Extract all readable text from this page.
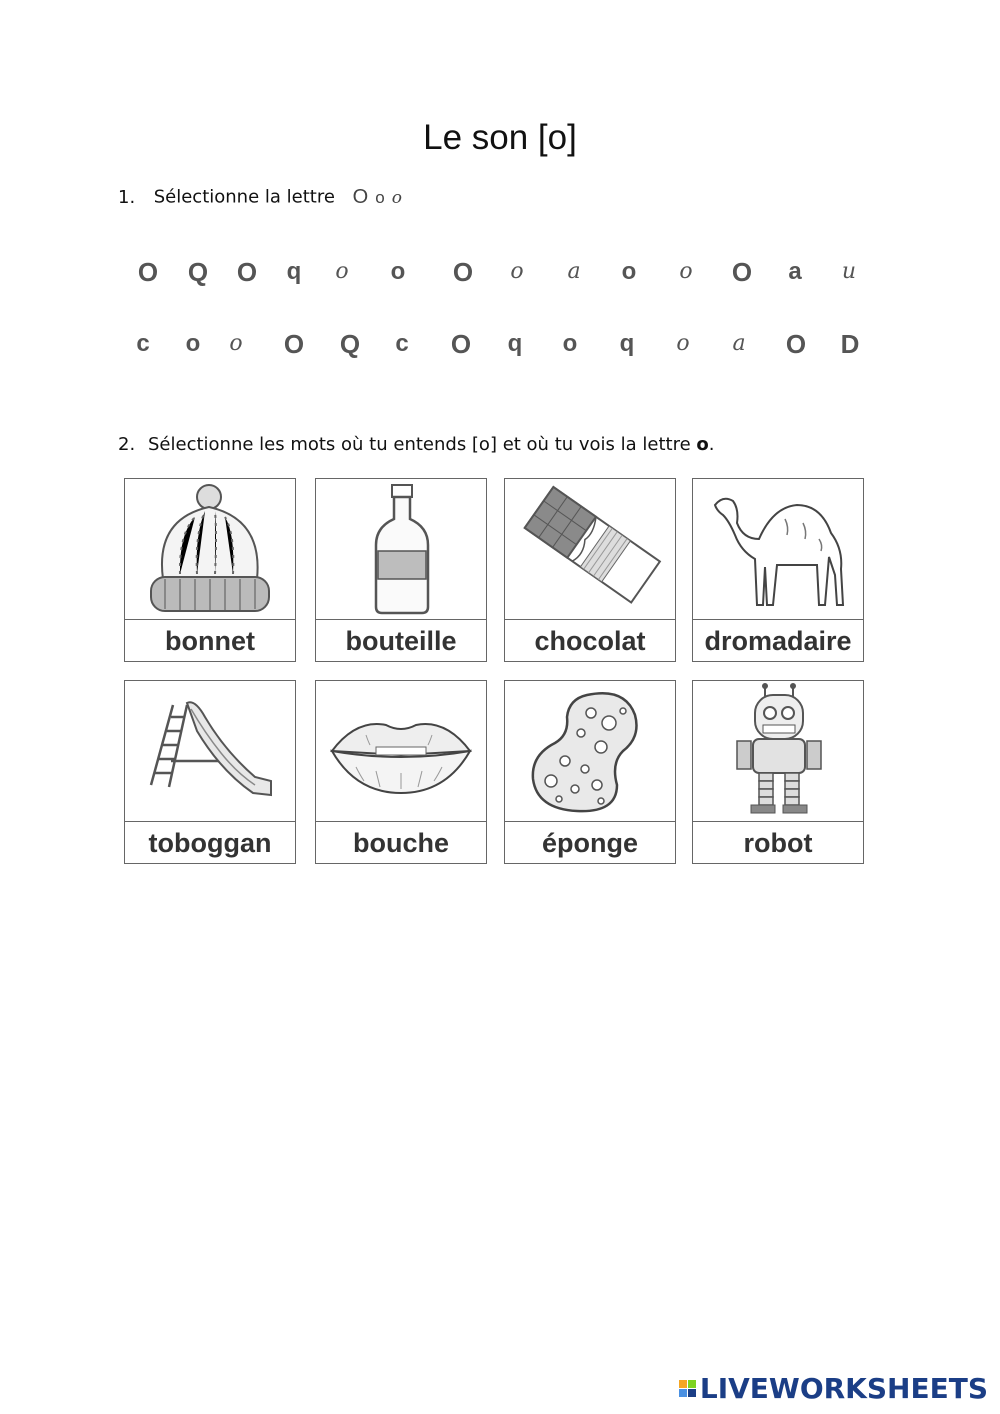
Le son [o]
1. Sélectionne la lettre O o o
O	Q	O	q	o	o	O	o	a	o	o	O	a	u
c	o	o	O	Q	c	O	q	o	q	o	a	O	D
2. Sélectionne les mots où tu entends [o] et où tu vois la lettre o.
bonnet	bouteille	chocolat	dromadaire
toboggan	bouche	éponge	robot
LIVEWORKSHEETS
